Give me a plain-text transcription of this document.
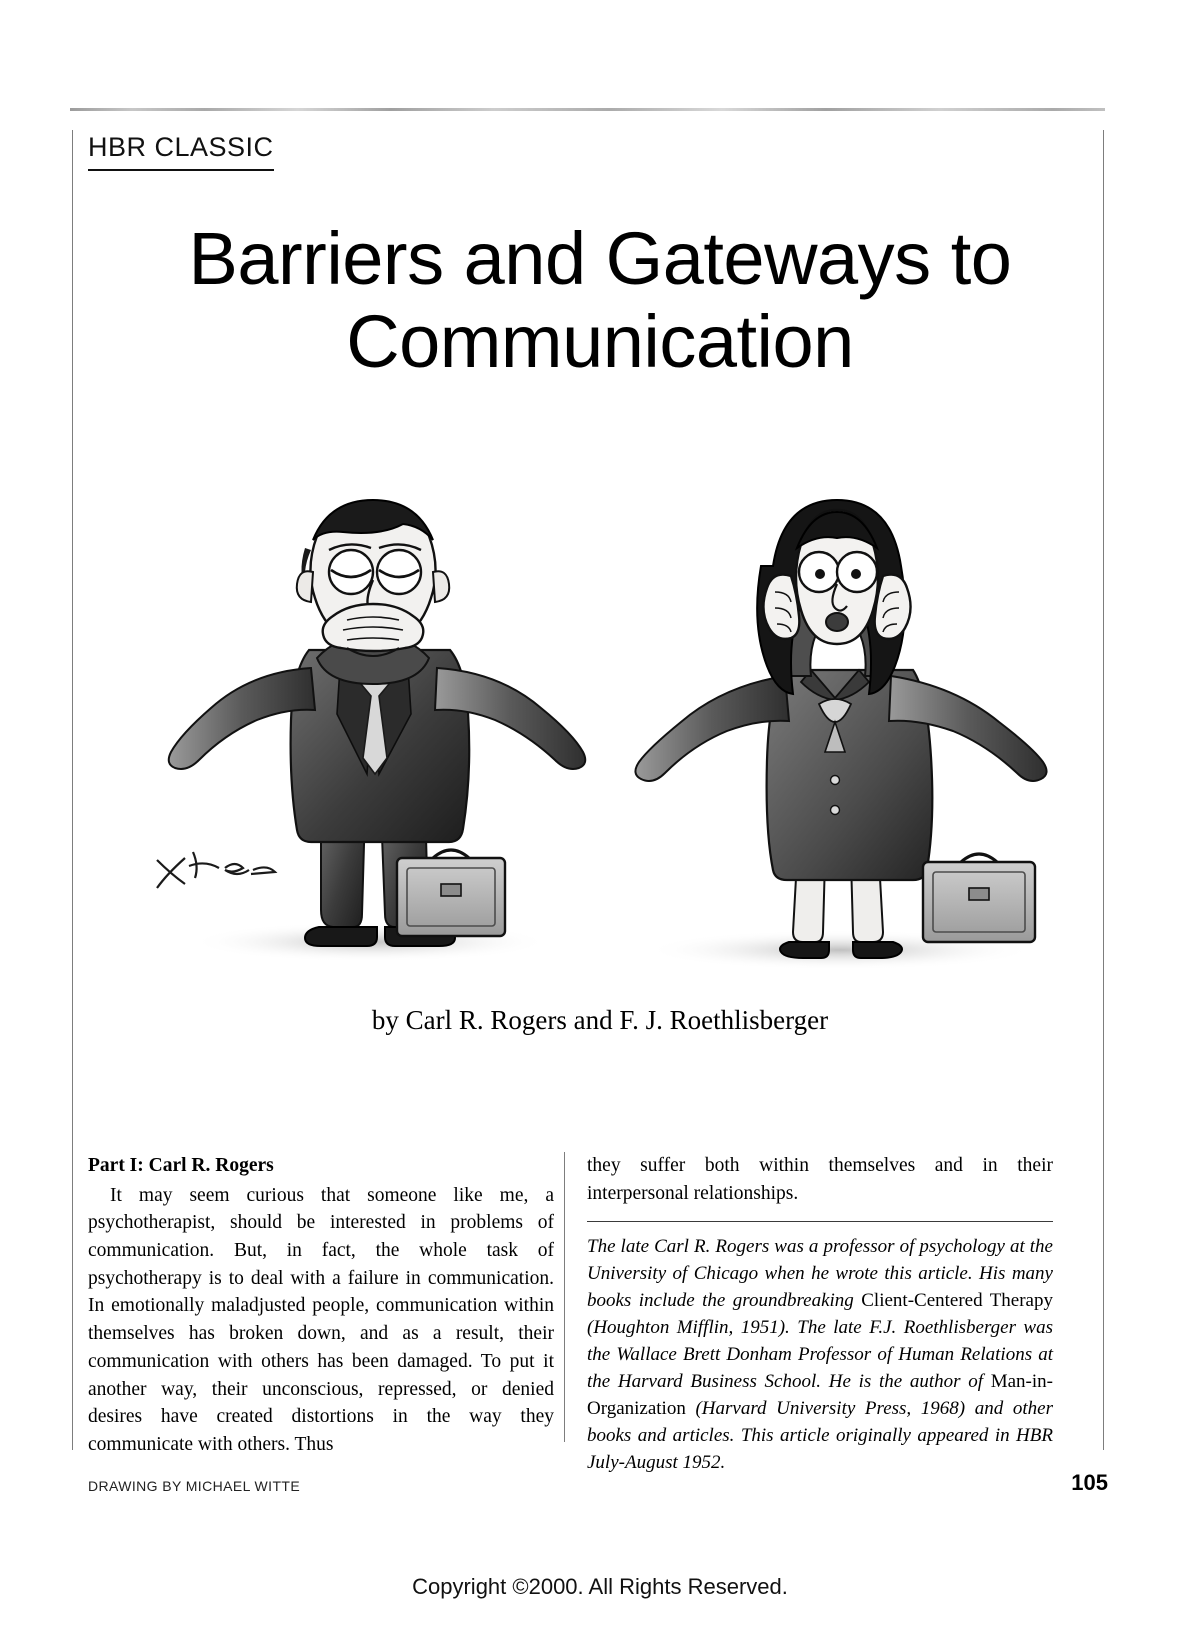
HBR CLASSIC
Barriers and Gateways to
Communication
by Carl R. Rogers and F. J. Roethlisberger

Part I: Carl R. Rogers

It may seem curious that someone like me, a psychotherapist, should be interested in problems of communication. But, in fact, the whole task of psychotherapy is to deal with a failure in communication. In emotionally maladjusted people, communication within themselves has broken down, and as a result, their communication with others has been damaged. To put it another way, their unconscious, repressed, or denied desires have created distortions in the way they communicate with others. Thus

they suffer both within themselves and in their interpersonal relationships.

The late Carl R. Rogers was a professor of psychology at the University of Chicago when he wrote this article. His many books include the groundbreaking Client-Centered Therapy (Houghton Mifflin, 1951). The late F.J. Roethlisberger was the Wallace Brett Donham Professor of Human Relations at the Harvard Business School. He is the author of Man-in-Organization (Harvard University Press, 1968) and other books and articles. This article originally appeared in HBR July-August 1952.

DRAWING BY MICHAEL WITTE	105
Copyright ©2000. All Rights Reserved.
